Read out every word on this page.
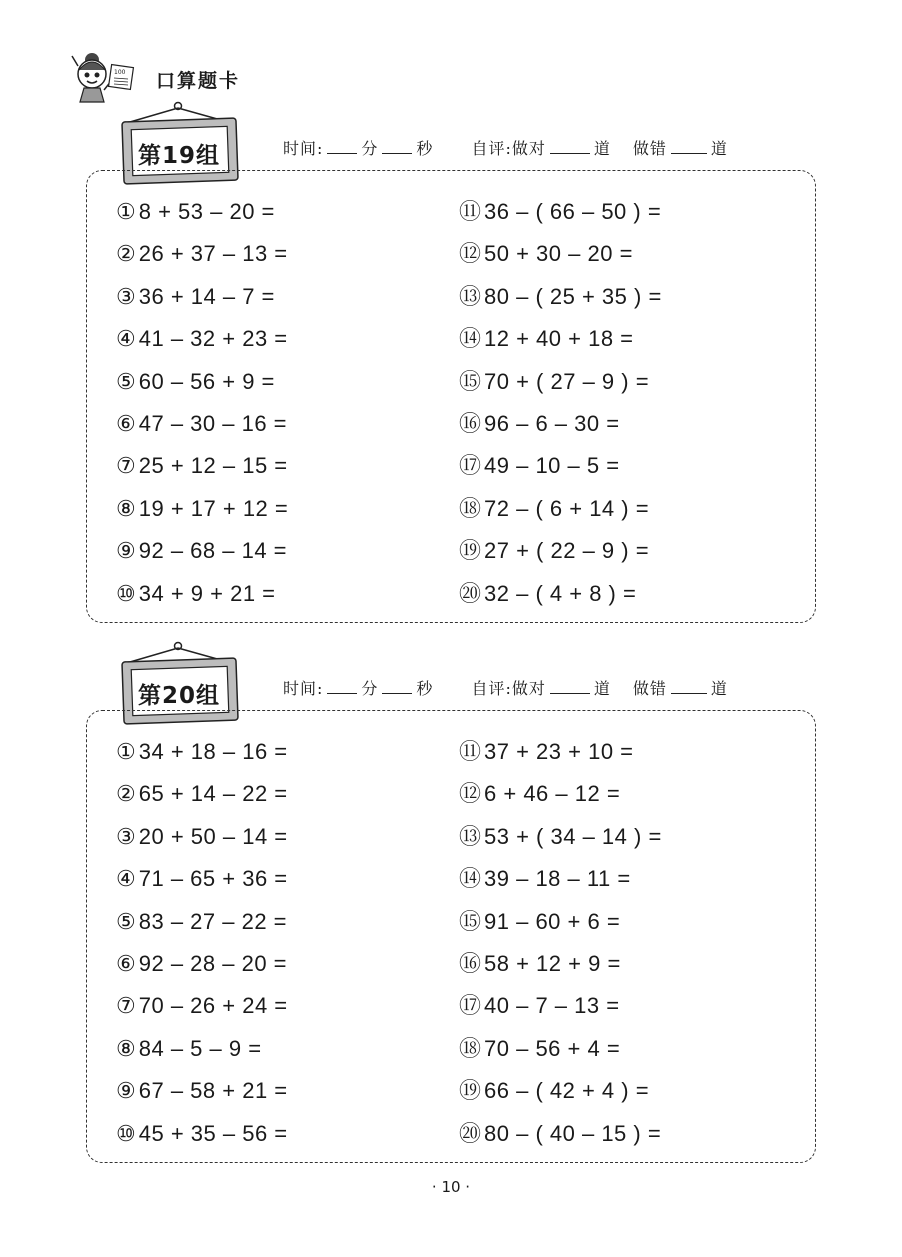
100 口算题卡
第19组	时间: 分 秒 自评:做对	道 做错	道
① 8 + 53 – 20 =
② 26 + 37 – 13 =
③ 36 + 14 – 7 =
④ 41 – 32 + 23 =
⑤ 60 – 56 + 9 =
⑥ 47 – 30 – 16 =
⑦ 25 + 12 – 15 =
⑧ 19 + 17 + 12 =
⑨ 92 – 68 – 14 =
⑩ 34 + 9 + 21 =
⑪ 36 – ( 66 – 50 ) =
⑫ 50 + 30 – 20 =
⑬ 80 – ( 25 + 35 ) =
⑭ 12 + 40 + 18 =
⑮ 70 + ( 27 – 9 ) =
⑯ 96 – 6 – 30 =
⑰ 49 – 10 – 5 =
⑱ 72 – ( 6 + 14 ) =
⑲ 27 + ( 22 – 9 ) =
⑳ 32 – ( 4 + 8 ) =
第20组	时间: 分 秒 自评:做对	道 做错	道
① 34 + 18 – 16 =
② 65 + 14 – 22 =
③ 20 + 50 – 14 =
④ 71 – 65 + 36 =
⑤ 83 – 27 – 22 =
⑥ 92 – 28 – 20 =
⑦ 70 – 26 + 24 =
⑧ 84 – 5 – 9 =
⑨ 67 – 58 + 21 =
⑩ 45 + 35 – 56 =
⑪ 37 + 23 + 10 =
⑫ 6 + 46 – 12 =
⑬ 53 + ( 34 – 14 ) =
⑭ 39 – 18 – 11 =
⑮ 91 – 60 + 6 =
⑯ 58 + 12 + 9 =
⑰ 40 – 7 – 13 =
⑱ 70 – 56 + 4 =
⑲ 66 – ( 42 + 4 ) =
⑳ 80 – ( 40 – 15 ) =
· 10 ·
